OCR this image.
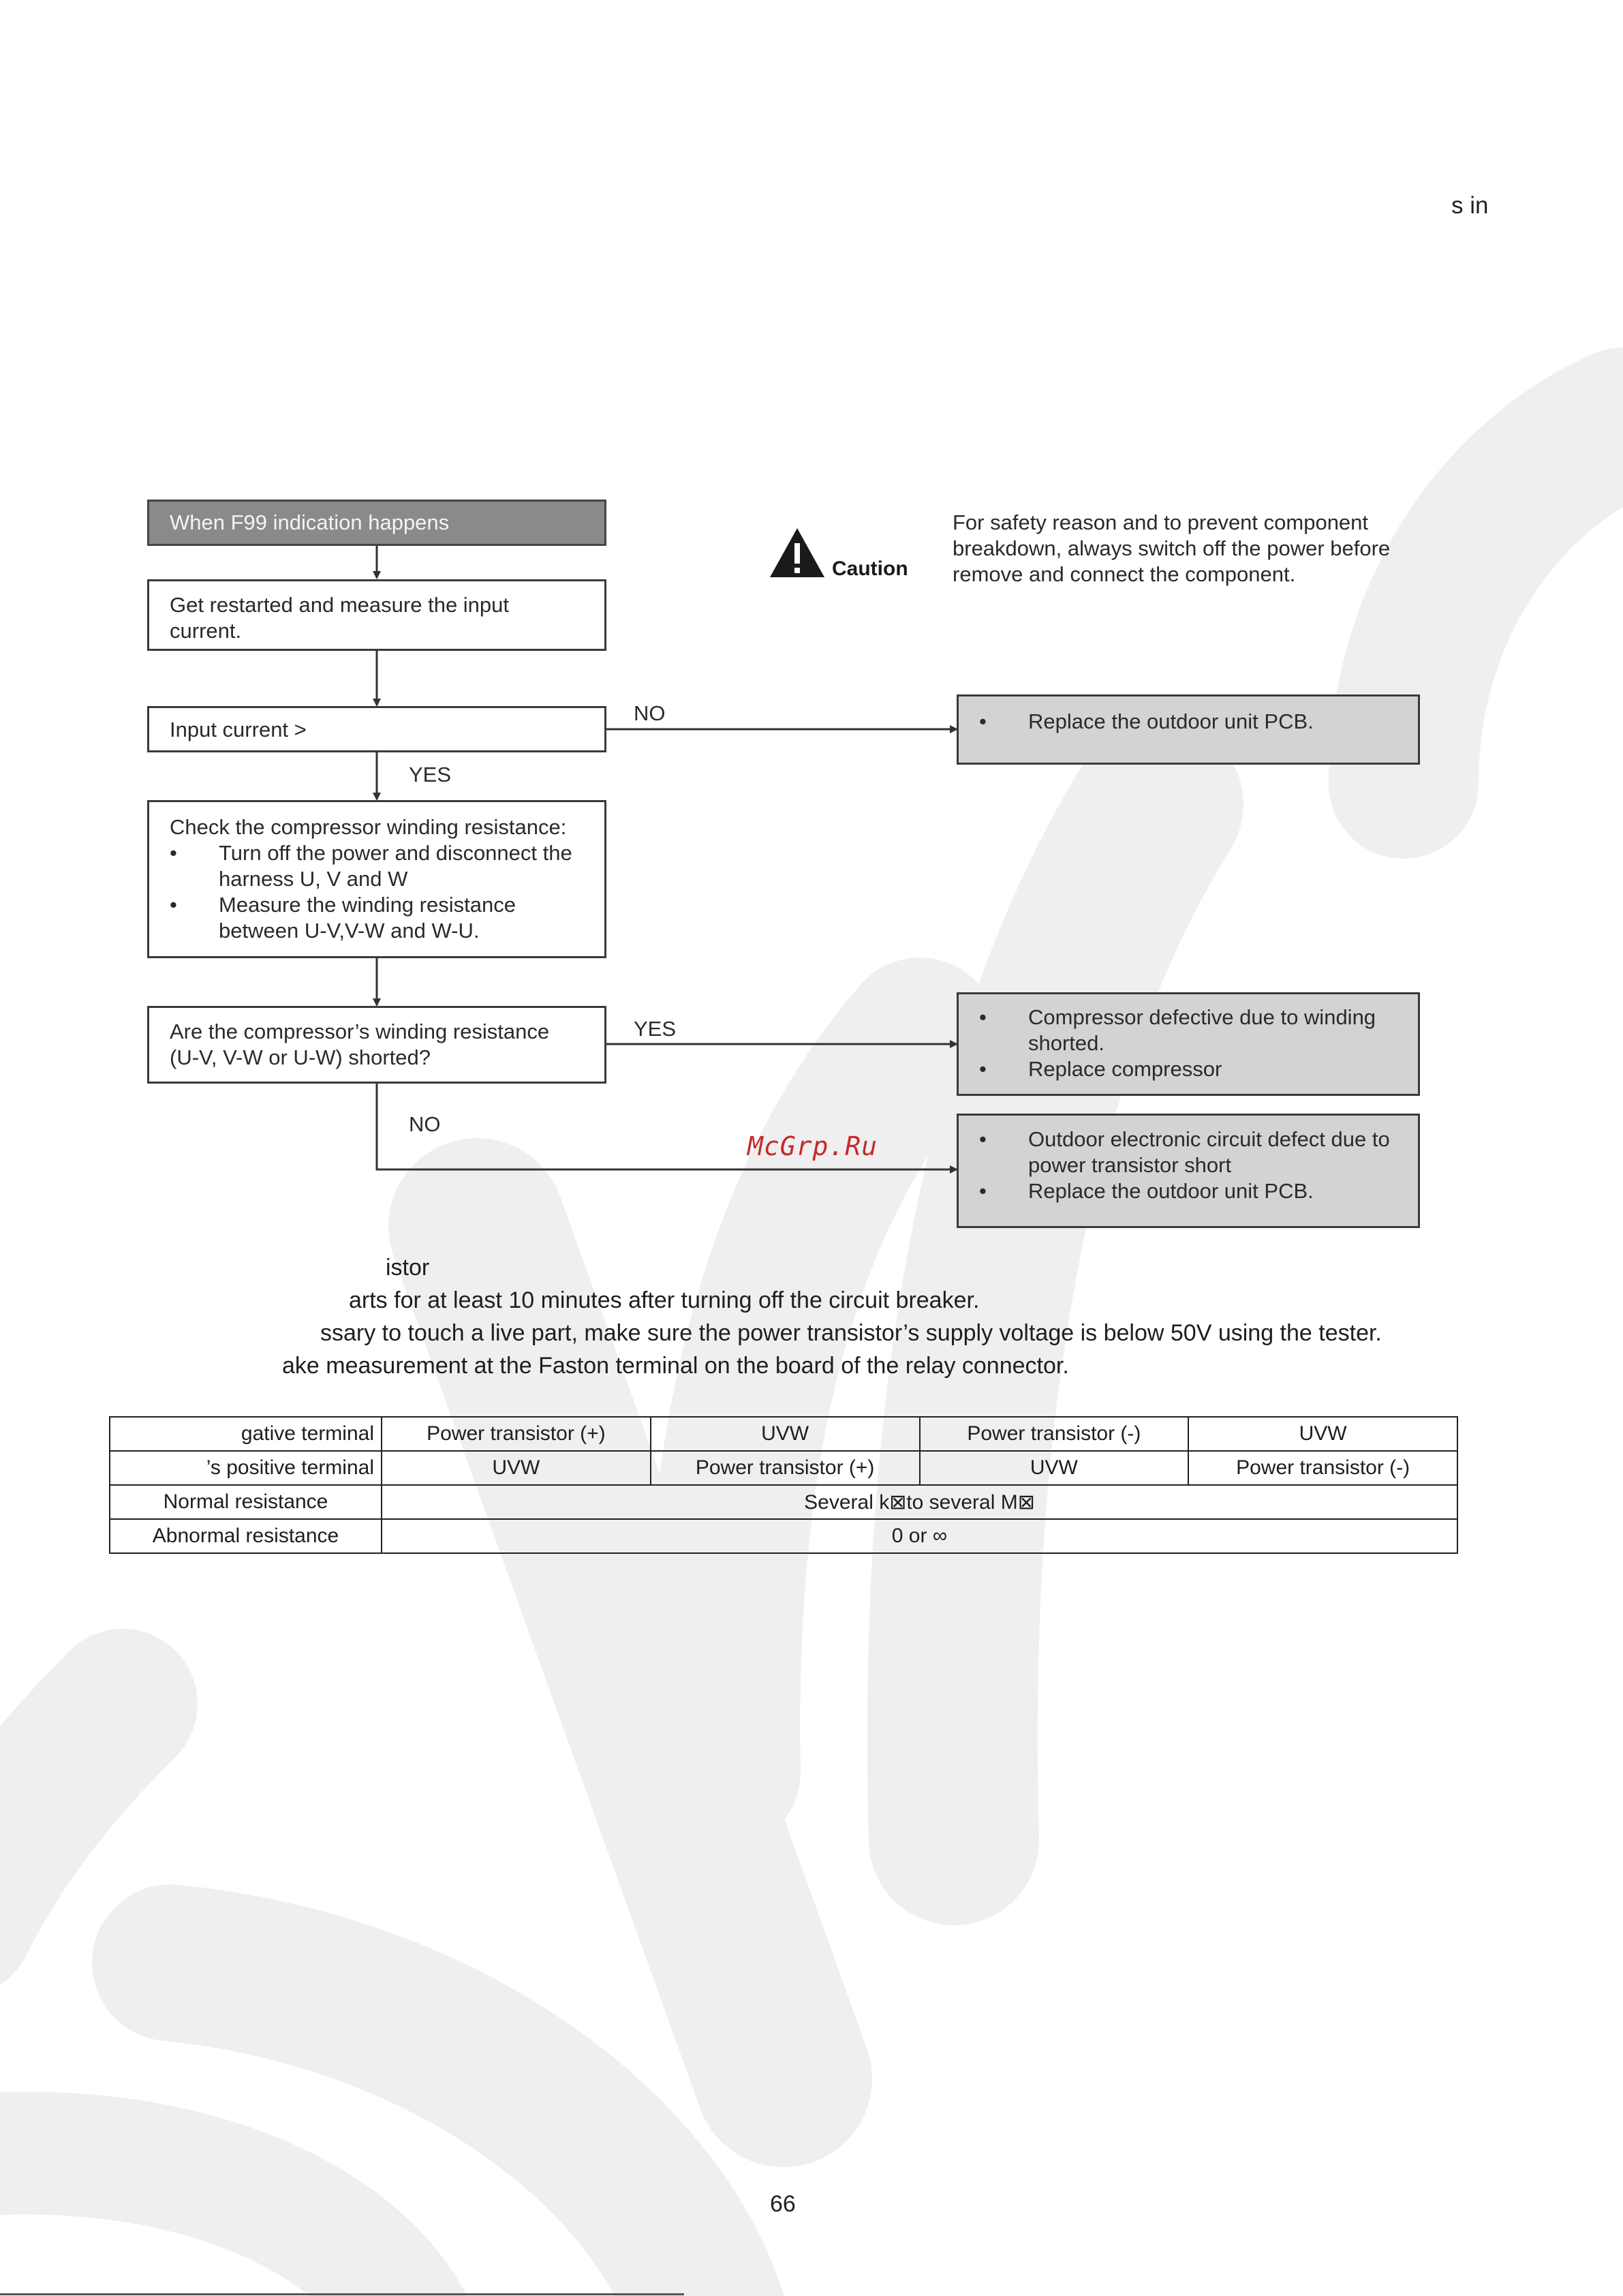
s in
When F99 indication happens
Get restarted and measure the input current.
Input current >
NO
YES
•	Replace the outdoor unit PCB.
Check the compressor winding resistance:
•	Turn off the power and disconnect the harness U, V and W
•	Measure the winding resistance between U-V,V-W and W-U.
Are the compressor’s winding resistance (U-V, V-W or U-W) shorted?
YES
NO
•	Compressor defective due to winding shorted.
•	Replace compressor
•	Outdoor electronic circuit defect due to power transistor short
•	Replace the outdoor unit PCB.
Caution
For safety reason and to prevent component breakdown, always switch off the power before remove and connect the component.
McGrp.Ru
istor
arts for at least 10 minutes after turning off the circuit breaker.
ssary to touch a live part, make sure the power transistor’s supply voltage is below 50V using the tester.
ake measurement at the Faston terminal on the board of the relay connector.
gative terminal	Power transistor (+)	UVW	Power transistor (-)	UVW
’s positive terminal	UVW	Power transistor (+)	UVW	Power transistor (-)
Normal resistance	Several k⊠to several M⊠			
Abnormal resistance	0 or ∞			
66
